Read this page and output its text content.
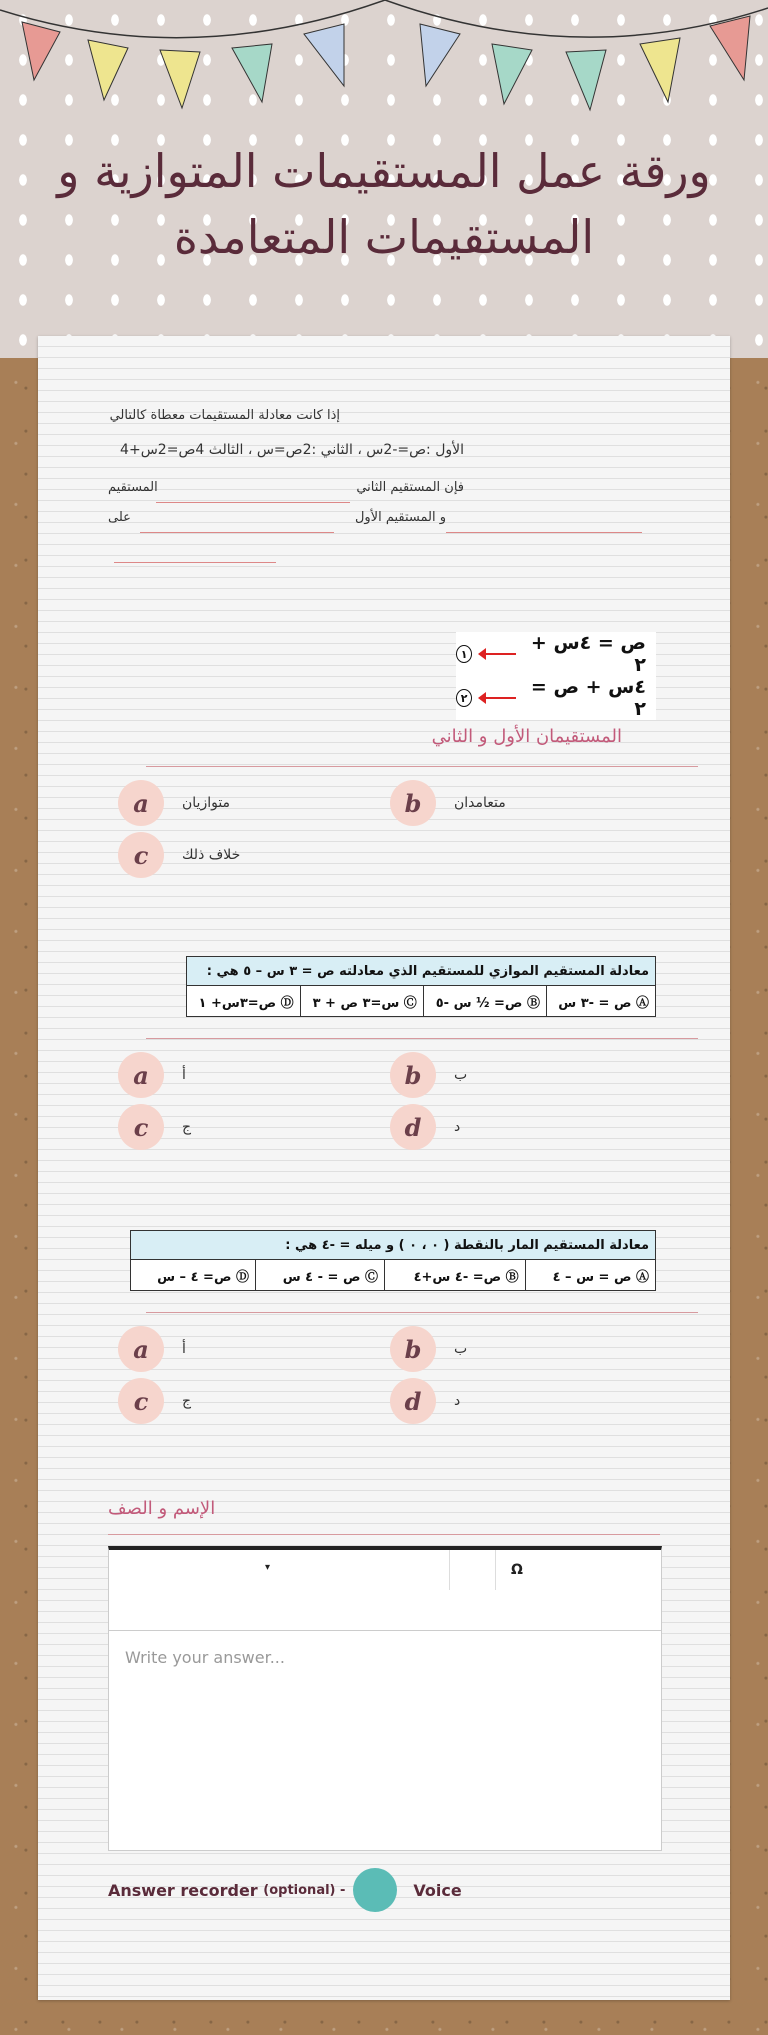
ورقة عمل المستقيمات المتوازية و المستقيمات المتعامدة
إذا كانت معادلة المستقيمات معطاة كالتالي
الأول :ص=-2س ، الثاني :2ص=س ، الثالث 4ص=2س+4
فإن المستقيم الثاني
المستقيم
و المستقيم الأول
على
ص = ٤س + ٢
١
٤س + ص = ٢
٢
المستقيمان الأول و الثاني
a	متوازيان	b	متعامدان
c	خلاف ذلك
معادلة المستقيم الموازي للمستقيم الذي معادلته ص = ٣ س – ٥ هي :
Ⓐ ص = -٣ س	Ⓑ ص= ½ س -٥	Ⓒ س=٣ ص + ٣	Ⓓ ص=٣س+ ١
a	أ	b	ب
c	ج	d	د
معادلة المستقيم المار بالنقطة ( ٠ ، ٠ ) و ميله = -٤ هي :
Ⓐ ص = س – ٤	Ⓑ ص= -٤ س+٤	Ⓒ ص = - ٤ س	Ⓓ ص= ٤ – س
a	أ	b	ب
c	ج	d	د
الإسم و الصف
▾	Ω
Write your answer...
Answer recorder
(optional) -	Voice
